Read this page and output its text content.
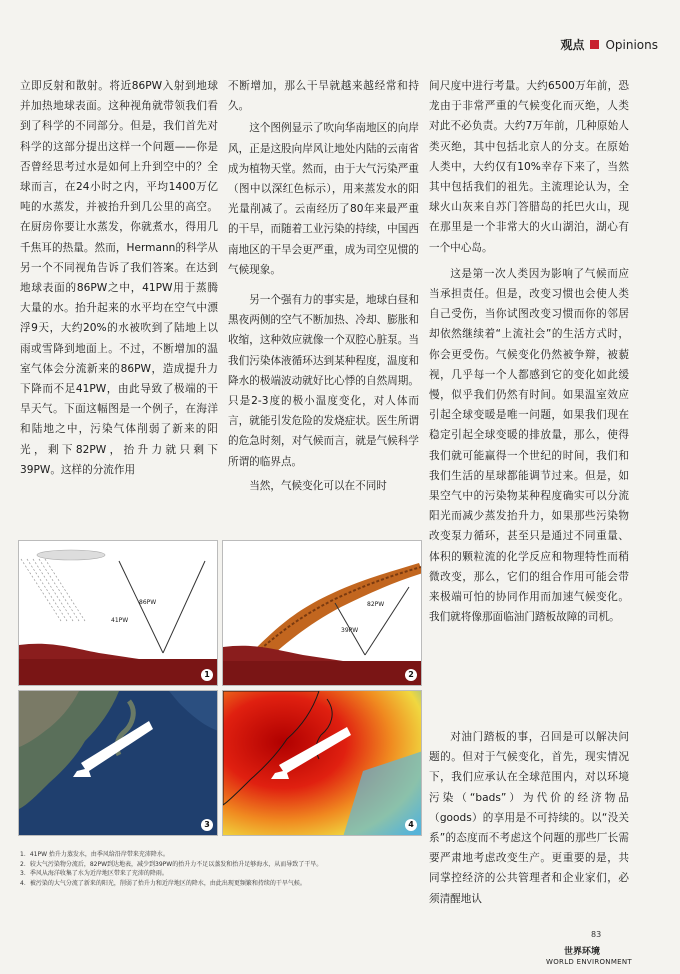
观点 Opinions

立即反射和散射。将近86PW入射到地球并加热地球表面。这种视角就带领我们看到了科学的不同部分。但是，我们首先对科学的这部分提出这样一个问题——你是否曾经思考过水是如何上升到空中的？全球而言，在24小时之内，平均1400万亿吨的水蒸发，并被抬升到几公里的高空。在厨房你要让水蒸发，你就煮水，得用几千焦耳的热量。然而，Hermann的科学从另一个不同视角告诉了我们答案。在达到地球表面的86PW之中，41PW用于蒸腾大量的水。抬升起来的水平均在空气中漂浮9天，大约20%的水被吹到了陆地上以雨或雪降到地面上。不过，不断增加的温室气体会分流新来的86PW，造成提升力下降而不足41PW，由此导致了极端的干旱天气。下面这幅图是一个例子，在海洋和陆地之中，污染气体削弱了新来的阳光，剩下82PW，抬升力就只剩下39PW。这样的分流作用

不断增加，那么干旱就越来越经常和持久。

这个图例显示了吹向华南地区的向岸风，正是这股向岸风让地处内陆的云南省成为植物天堂。然而，由于大气污染严重（图中以深红色标示），用来蒸发水的阳光量削减了。云南经历了80年来最严重的干旱，而随着工业污染的持续，中国西南地区的干旱会更严重，成为司空见惯的气候现象。

另一个强有力的事实是，地球白昼和黑夜两侧的空气不断加热、冷却、膨胀和收缩，这种效应就像一个双腔心脏泵。当我们污染体液循环达到某种程度，温度和降水的极端波动就好比心悸的自然周期。只是2-3度的极小温度变化，对人体而言，就能引发危险的发烧症状。医生所谓的危急时刻，对气候而言，就是气候科学所谓的临界点。

当然，气候变化可以在不同时

间尺度中进行考量。大约6500万年前，恐龙由于非常严重的气候变化而灭绝，人类对此不必负责。大约7万年前，几种原始人类灭绝，其中包括北京人的分支。在原始人类中，大约仅有10%幸存下来了，当然其中包括我们的祖先。主流理论认为，全球火山灰来自苏门答腊岛的托巴火山，现在那里是一个非常大的火山湖泊，湖心有一个中心岛。

这是第一次人类因为影响了气候而应当承担责任。但是，改变习惯也会使人类自己受伤，当你试图改变习惯而你的邻居却依然继续着“上流社会”的生活方式时，你会更受伤。气候变化仍然被争辩，被藐视，几乎每一个人都感到它的变化如此缓慢，似乎我们仍然有时间。如果温室效应引起全球变暖是唯一问题，如果我们现在稳定引起全球变暖的排放量，那么，使得我们就可能赢得一个世纪的时间，我们和我们生活的星球都能调节过来。但是，如果空气中的污染物某种程度确实可以分流阳光而减少蒸发抬升力，如果那些污染物改变泵力循环，甚至只是通过不同重量、体积的颗粒流的化学反应和物理特性而稍微改变，那么，它们的组合作用可能会带来极端可怕的协同作用而加速气候变化。我们就将像那面临油门踏板故障的司机。

对油门踏板的事，召回是可以解决问题的。但对于气候变化，首先，现实情况下，我们应承认在全球范围内，对以环境污染（“bads”）为代价的经济物品（goods）的享用是不可持续的。以“没关系”的态度而不考虑这个问题的那些厂长需要严肃地考虑改变生产。更重要的是，共同掌控经济的公共管理者和企业家们，必须清醒地认

86PW
41PW
1
82PW
39PW
2
3	4
1．41PW 抬升力蒸发水，由季风给沿岸带来充沛降水。
2．较大气污染物分流后，82PW到达地表，减少到39PW的抬升力不足以蒸发和抬升足够海水，从而导致了干旱。
3．季风从海洋收集了水为近岸地区带来了充沛的降雨。
4．被污染的大气分流了新来的阳光，削弱了抬升力和近岸地区的降水，由此出现更频繁和持续的干旱气候。
83
世界环境
WORLD ENVIRONMENT
